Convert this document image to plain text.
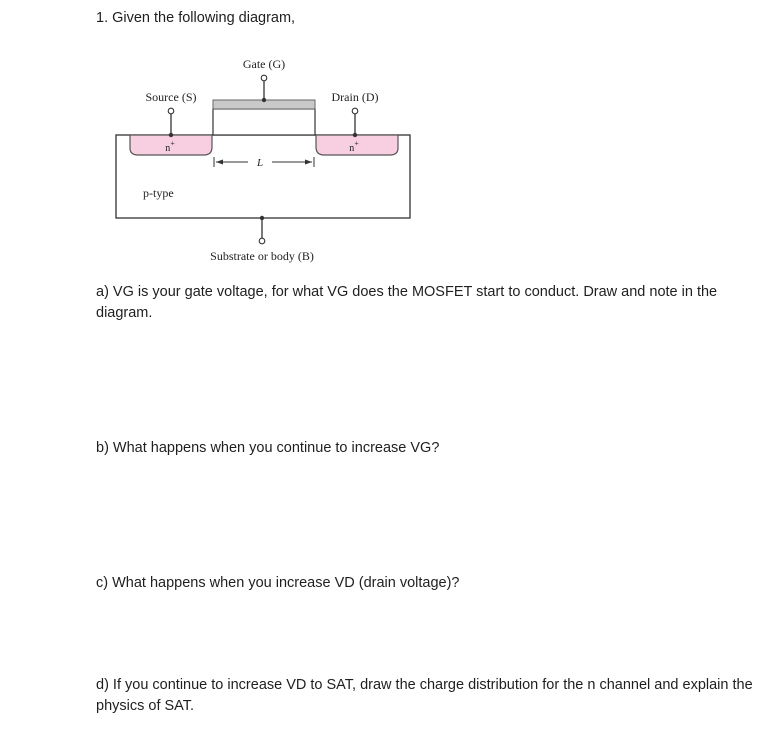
1. Given the following diagram,

Gate (G)
Source (S)	Drain (D)
n+	n+
L
p-type
Substrate or body (B)

a) VG is your gate voltage, for what VG does the MOSFET start to conduct. Draw and note in the diagram.

b) What happens when you continue to increase VG?

c) What happens when you increase VD (drain voltage)?

d) If you continue to increase VD to SAT, draw the charge distribution for the n channel and explain the physics of SAT.
